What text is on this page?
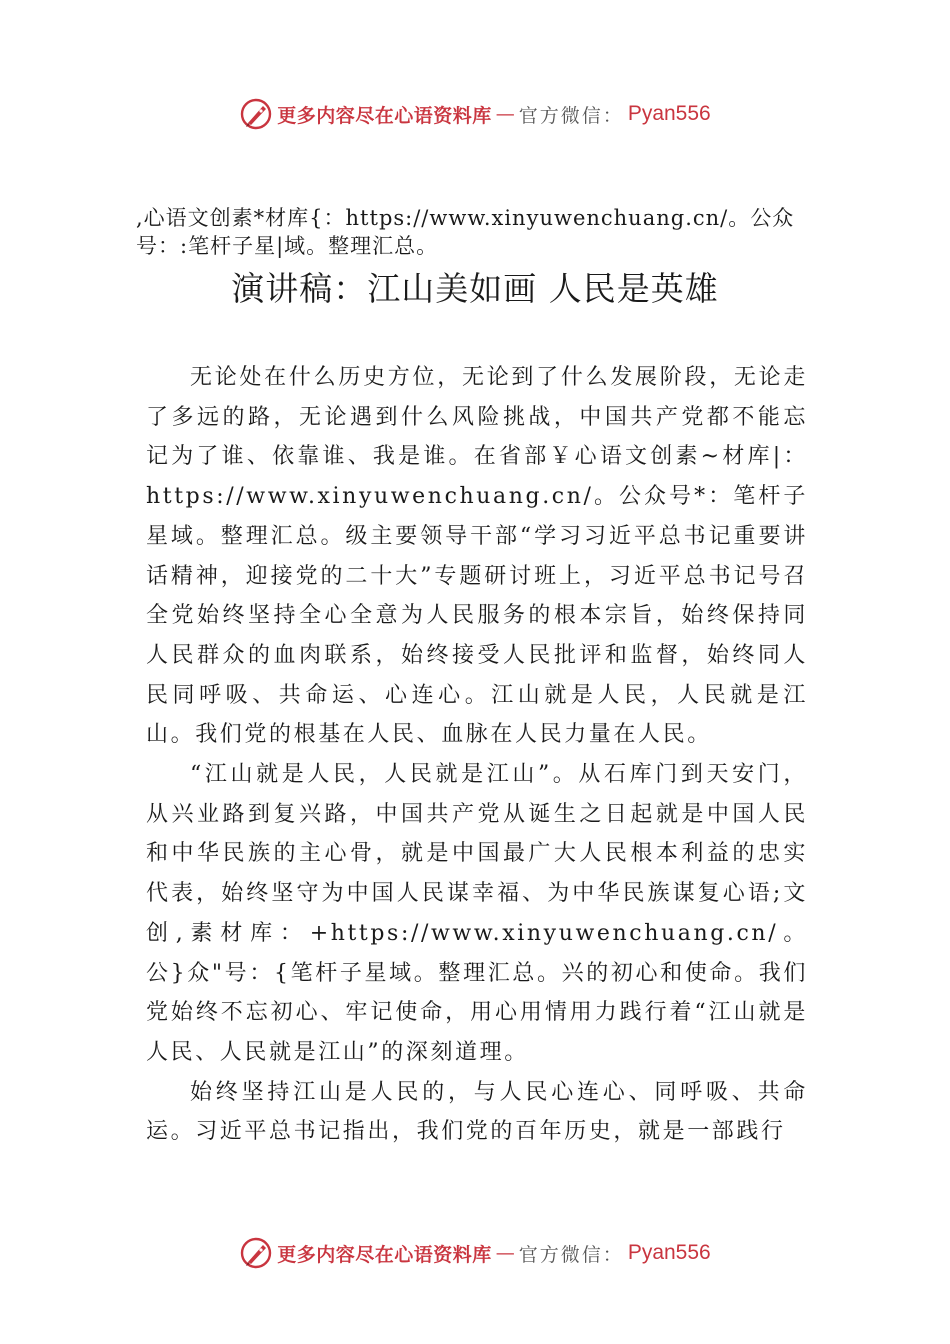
更多内容尽在心语资料库 — 官方微信： Pyan556
,心语文创素*材库{：https://www.xinyuwenchuang.cn/。公众号：:笔杆子星|域。整理汇总。
演讲稿：江山美如画 人民是英雄

无论处在什么历史方位，无论到了什么发展阶段，无论走了多远的路，无论遇到什么风险挑战，中国共产党都不能忘记为了谁、依靠谁、我是谁。在省部￥心语文创素~材库|：https://www.xinyuwenchuang.cn/。公众号*：笔杆子星域。整理汇总。级主要领导干部“学习习近平总书记重要讲话精神，迎接党的二十大”专题研讨班上，习近平总书记号召全党始终坚持全心全意为人民服务的根本宗旨，始终保持同人民群众的血肉联系，始终接受人民批评和监督，始终同人民同呼吸、共命运、心连心。江山就是人民，人民就是江山。我们党的根基在人民、血脉在人民力量在人民。

“江山就是人民，人民就是江山”。从石库门到天安门，从兴业路到复兴路，中国共产党从诞生之日起就是中国人民和中华民族的主心骨，就是中国最广大人民根本利益的忠实代表，始终坚守为中国人民谋幸福、为中华民族谋复心语;文创,素材库：+https://www.xinyuwenchuang.cn/。公}众"号：{笔杆子星域。整理汇总。兴的初心和使命。我们党始终不忘初心、牢记使命，用心用情用力践行着“江山就是人民、人民就是江山”的深刻道理。

始终坚持江山是人民的，与人民心连心、同呼吸、共命运。习近平总书记指出，我们党的百年历史，就是一部践行

更多内容尽在心语资料库 — 官方微信： Pyan556
